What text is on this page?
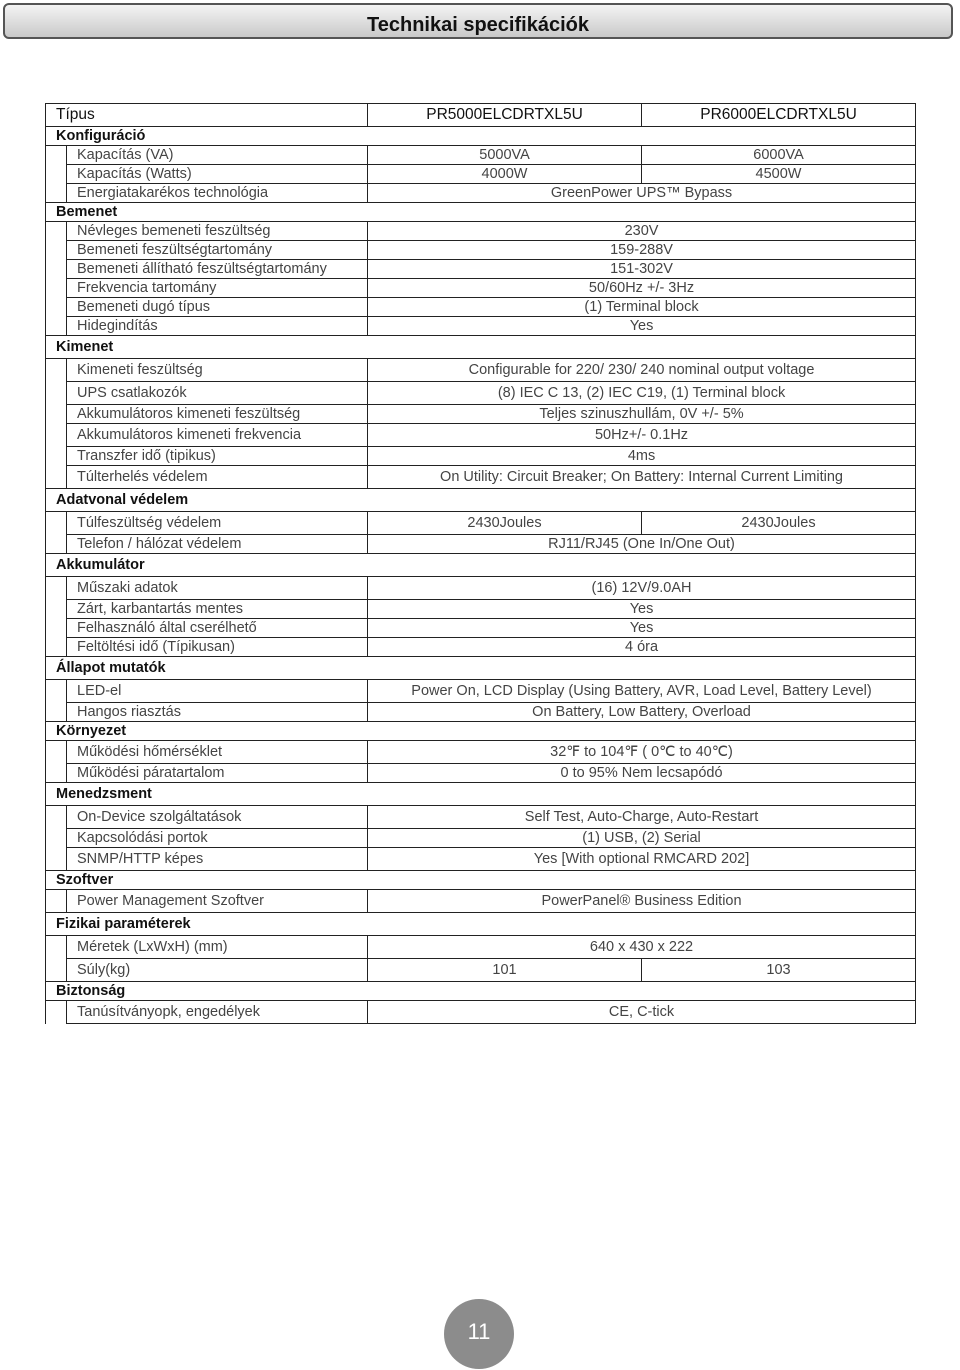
Technikai specifikációk
Típus		PR5000ELCDRTXL5U	PR6000ELCDRTXL5U
Konfiguráció			
	Kapacítás (VA)	5000VA	6000VA
	Kapacítás (Watts)	4000W	4500W
	Energiatakarékos technológia	GreenPower UPS™ Bypass	
Bemenet			
	Névleges bemeneti feszültség	230V	
	Bemeneti feszültségtartomány	159-288V	
	Bemeneti állítható feszültségtartomány	151-302V	
	Frekvencia tartomány	50/60Hz +/- 3Hz	
	Bemeneti dugó típus	(1) Terminal block	
	Hidegindítás	Yes	
Kimenet			
	Kimeneti feszültség	Configurable for 220/ 230/ 240 nominal output voltage	
	UPS csatlakozók	(8) IEC C 13, (2) IEC C19, (1) Terminal block	
	Akkumulátoros kimeneti feszültség	Teljes szinuszhullám, 0V +/- 5%	
	Akkumulátoros kimeneti frekvencia	50Hz+/- 0.1Hz	
	Transzfer idő (tipikus)	4ms	
	Túlterhelés védelem	On Utility: Circuit Breaker; On Battery: Internal Current Limiting	
Adatvonal védelem			
	Túlfeszültség védelem	2430Joules	2430Joules
	Telefon / hálózat védelem	RJ11/RJ45 (One In/One Out)	
Akkumulátor			
	Műszaki adatok	(16) 12V/9.0AH	
	Zárt, karbantartás mentes	Yes	
	Felhasználó által cserélhető	Yes	
	Feltöltési idő (Típikusan)	4 óra	
Állapot mutatók			
	LED-el	Power On, LCD Display (Using Battery, AVR, Load Level, Battery Level)	
	Hangos riasztás	On Battery, Low Battery, Overload	
Környezet			
	Működési hőmérséklet	32℉ to 104℉ ( 0℃ to 40℃)	
	Működési páratartalom	0 to 95% Nem lecsapódó	
Menedzsment			
	On-Device szolgáltatások	Self Test, Auto-Charge, Auto-Restart	
	Kapcsolódási portok	(1) USB, (2) Serial	
	SNMP/HTTP képes	Yes [With optional RMCARD 202]	
Szoftver			
	Power Management Szoftver	PowerPanel® Business Edition	
Fizikai paraméterek			
	Méretek (LxWxH) (mm)	640 x 430 x 222	
	Súly(kg)	101	103
Biztonság			
	Tanúsítványopk, engedélyek	CE, C-tick	
11
